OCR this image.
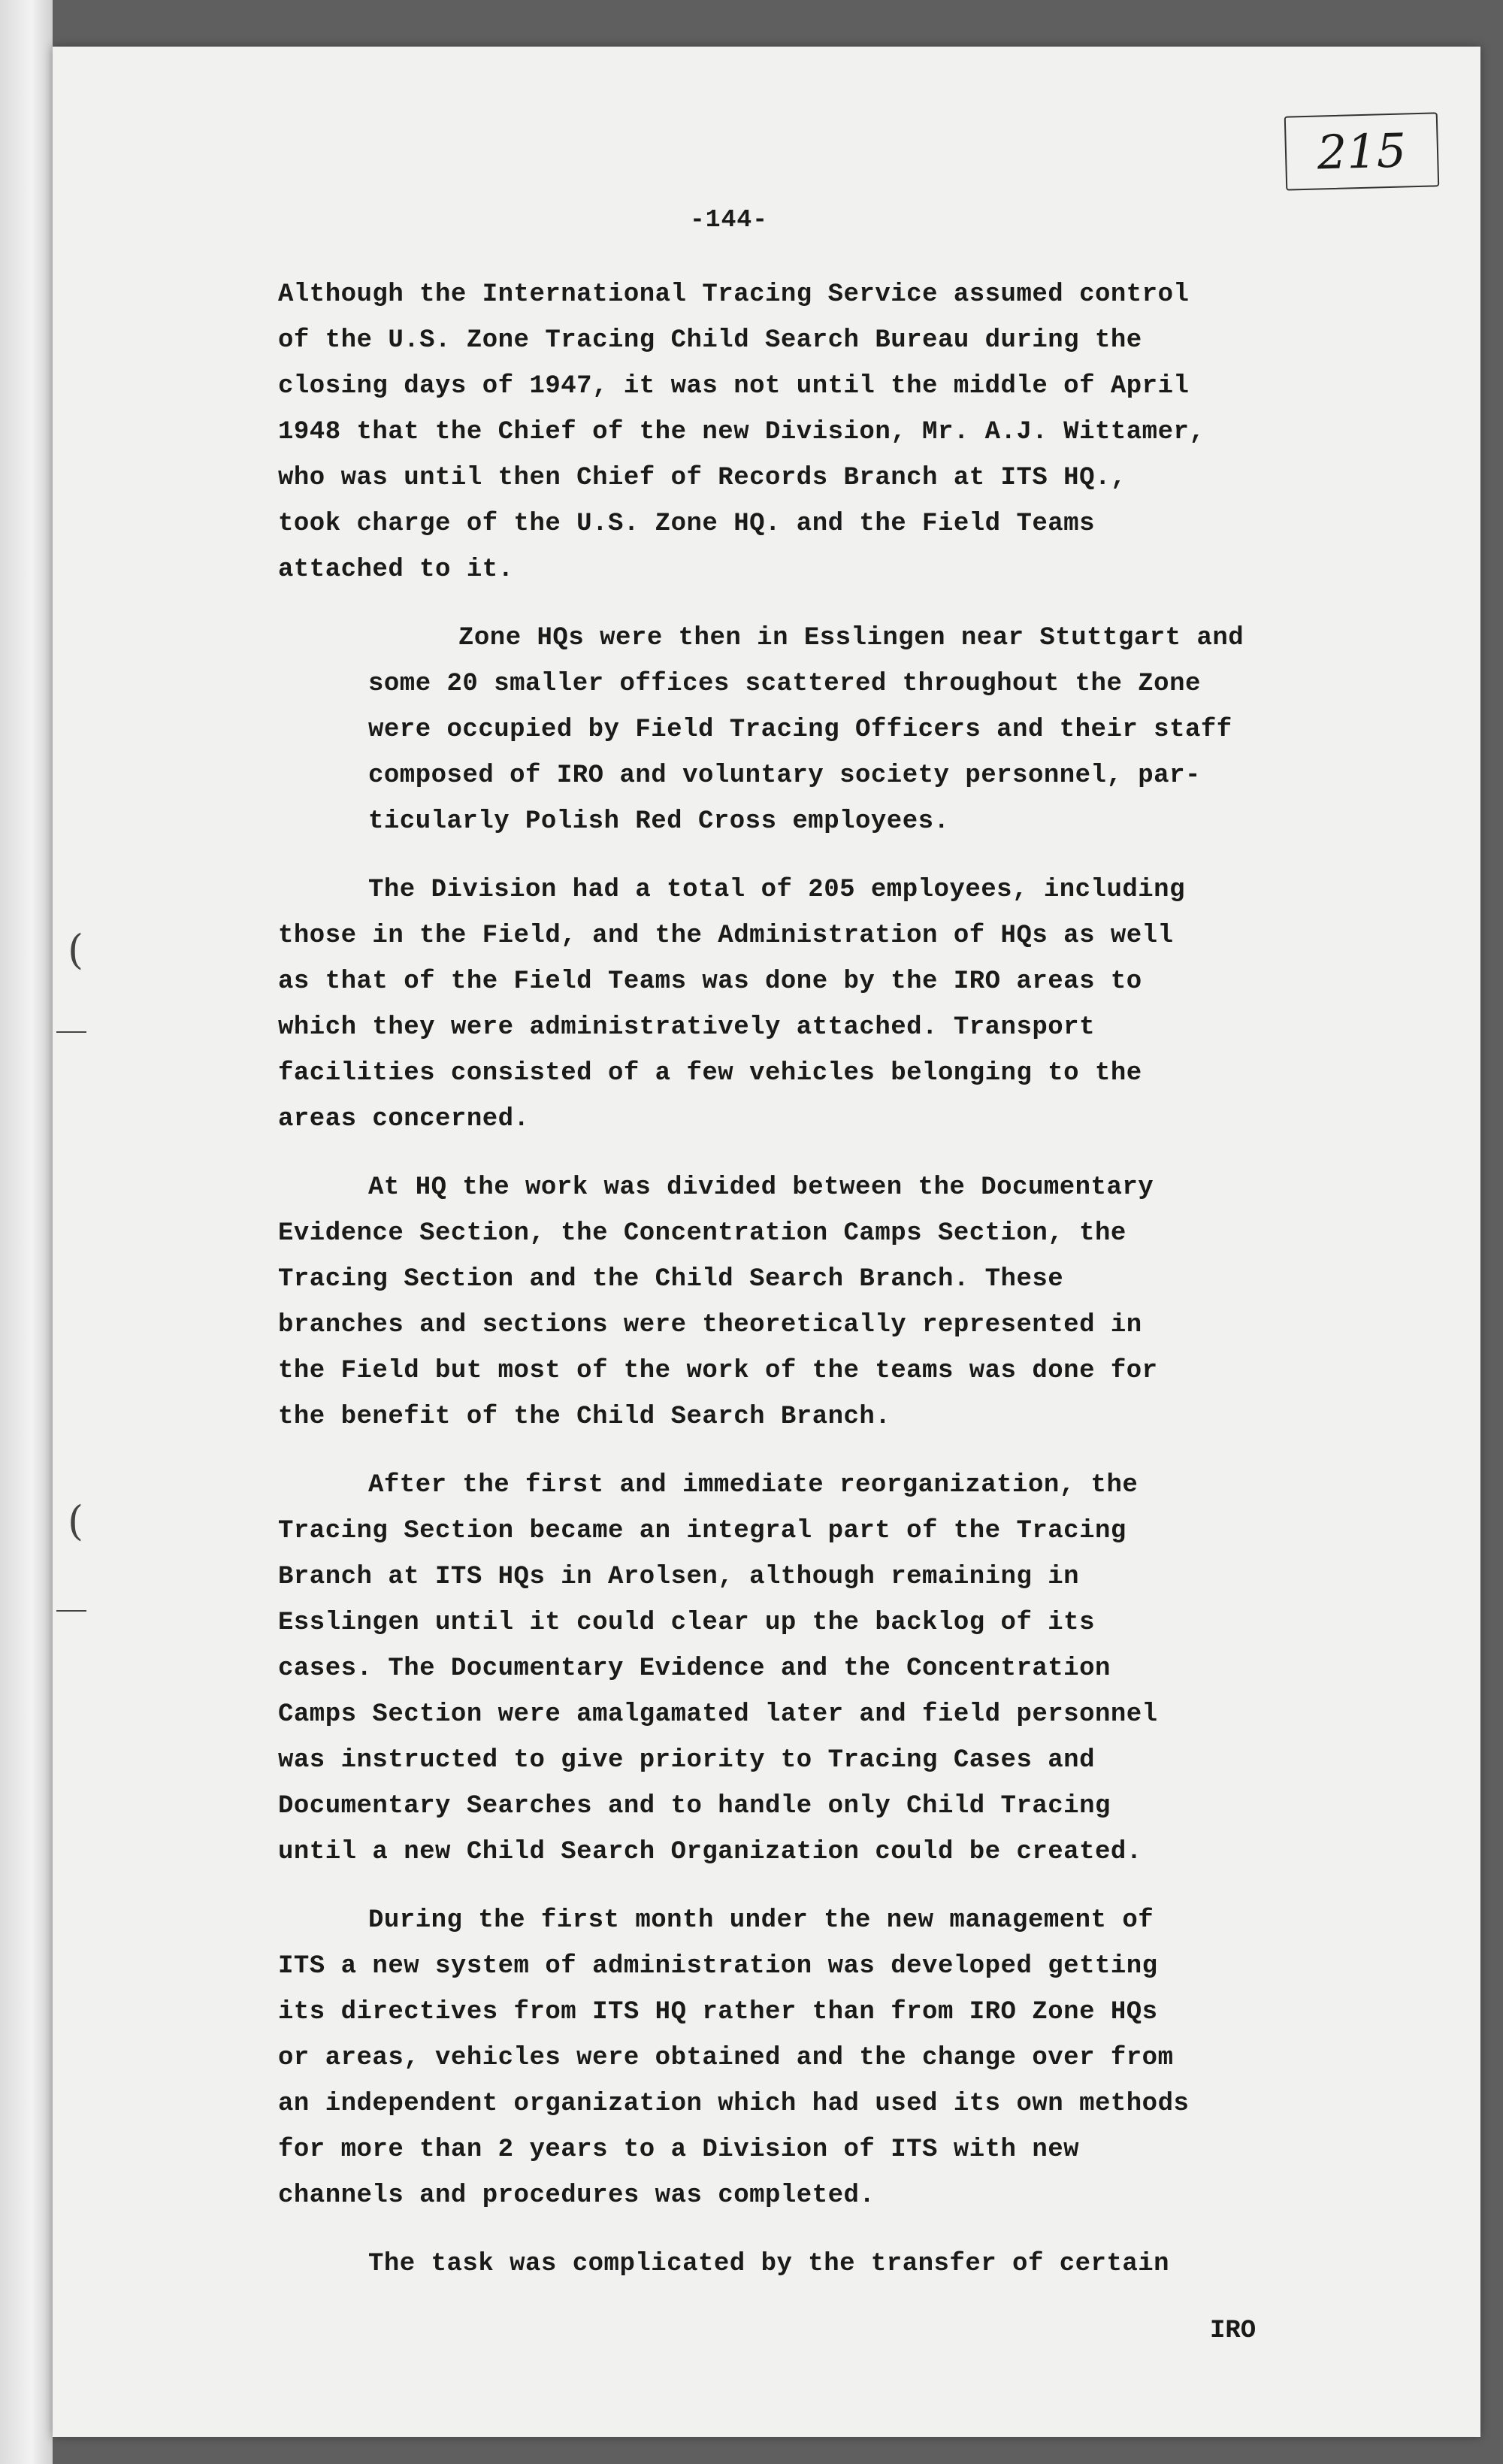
215
-144-

Although the International Tracing Service assumed control
of the U.S. Zone Tracing Child Search Bureau during the
closing days of 1947, it was not until the middle of April
1948 that the Chief of the new Division, Mr. A.J. Wittamer,
who was until then Chief of Records Branch at ITS HQ.,
took charge of the U.S. Zone HQ. and the Field Teams
attached to it.

Zone HQs were then in Esslingen near Stuttgart and
some 20 smaller offices scattered throughout the Zone
were occupied by Field Tracing Officers and their staff
composed of IRO and voluntary society personnel, par-
ticularly Polish Red Cross employees.

The Division had a total of 205 employees, including
those in the Field, and the Administration of HQs as well
as that of the Field Teams was done by the IRO areas to
which they were administratively attached. Transport
facilities consisted of a few vehicles belonging to the
areas concerned.

At HQ the work was divided between the Documentary
Evidence Section, the Concentration Camps Section, the
Tracing Section and the Child Search Branch. These
branches and sections were theoretically represented in
the Field but most of the work of the teams was done for
the benefit of the Child Search Branch.

After the first and immediate reorganization, the
Tracing Section became an integral part of the Tracing
Branch at ITS HQs in Arolsen, although remaining in
Esslingen until it could clear up the backlog of its
cases. The Documentary Evidence and the Concentration
Camps Section were amalgamated later and field personnel
was instructed to give priority to Tracing Cases and
Documentary Searches and to handle only Child Tracing
until a new Child Search Organization could be created.

During the first month under the new management of
ITS a new system of administration was developed getting
its directives from ITS HQ rather than from IRO Zone HQs
or areas, vehicles were obtained and the change over from
an independent organization which had used its own methods
for more than 2 years to a Division of ITS with new
channels and procedures was completed.

The task was complicated by the transfer of certain

IRO
(
(
